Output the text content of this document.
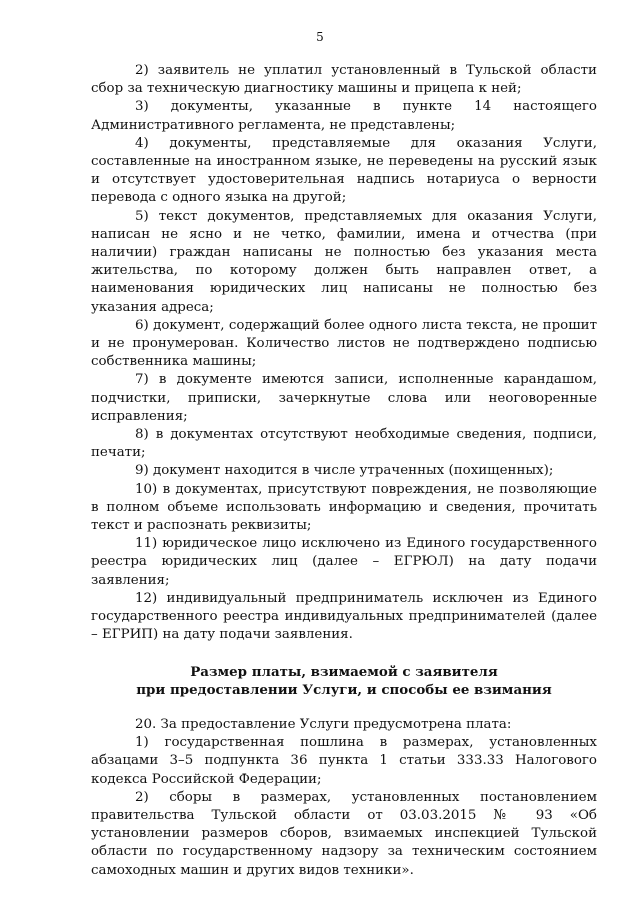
5

2) заявитель не уплатил установленный в Тульской области сбор за техническую диагностику машины и прицепа к ней;

3) документы, указанные в пункте 14 настоящего Административного регламента, не представлены;

4) документы, представляемые для оказания Услуги, составленные на иностранном языке, не переведены на русский язык и отсутствует удостоверительная надпись нотариуса о верности перевода с одного языка на другой;

5) текст документов, представляемых для оказания Услуги, написан не ясно и не четко, фамилии, имена и отчества (при наличии) граждан написаны не полностью без указания места жительства, по которому должен быть направлен ответ, а наименования юридических лиц написаны не полностью без указания адреса;

6) документ, содержащий более одного листа текста, не прошит и не пронумерован. Количество листов не подтверждено подписью собственника машины;

7) в документе имеются записи, исполненные карандашом, подчистки, приписки, зачеркнутые слова или неоговоренные исправления;

8) в документах отсутствуют необходимые сведения, подписи, печати;

9) документ находится в числе утраченных (похищенных);

10) в документах, присутствуют повреждения, не позволяющие в полном объеме использовать информацию и сведения, прочитать текст и распознать реквизиты;

11) юридическое лицо исключено из Единого государственного реестра юридических лиц (далее – ЕГРЮЛ) на дату подачи заявления;

12) индивидуальный предприниматель исключен из Единого государственного реестра индивидуальных предпринимателей (далее – ЕГРИП) на дату подачи заявления.

Размер платы, взимаемой с заявителя

при предоставлении Услуги, и способы ее взимания

20. За предоставление Услуги предусмотрена плата:

1) государственная пошлина в размерах, установленных абзацами 3–5 подпункта 36 пункта 1 статьи 333.33 Налогового кодекса Российской Федерации;

2) сборы в размерах, установленных постановлением правительства Тульской области от 03.03.2015 № 93 «Об установлении размеров сборов, взимаемых инспекцией Тульской области по государственному надзору за техническим состоянием самоходных машин и других видов техники».
